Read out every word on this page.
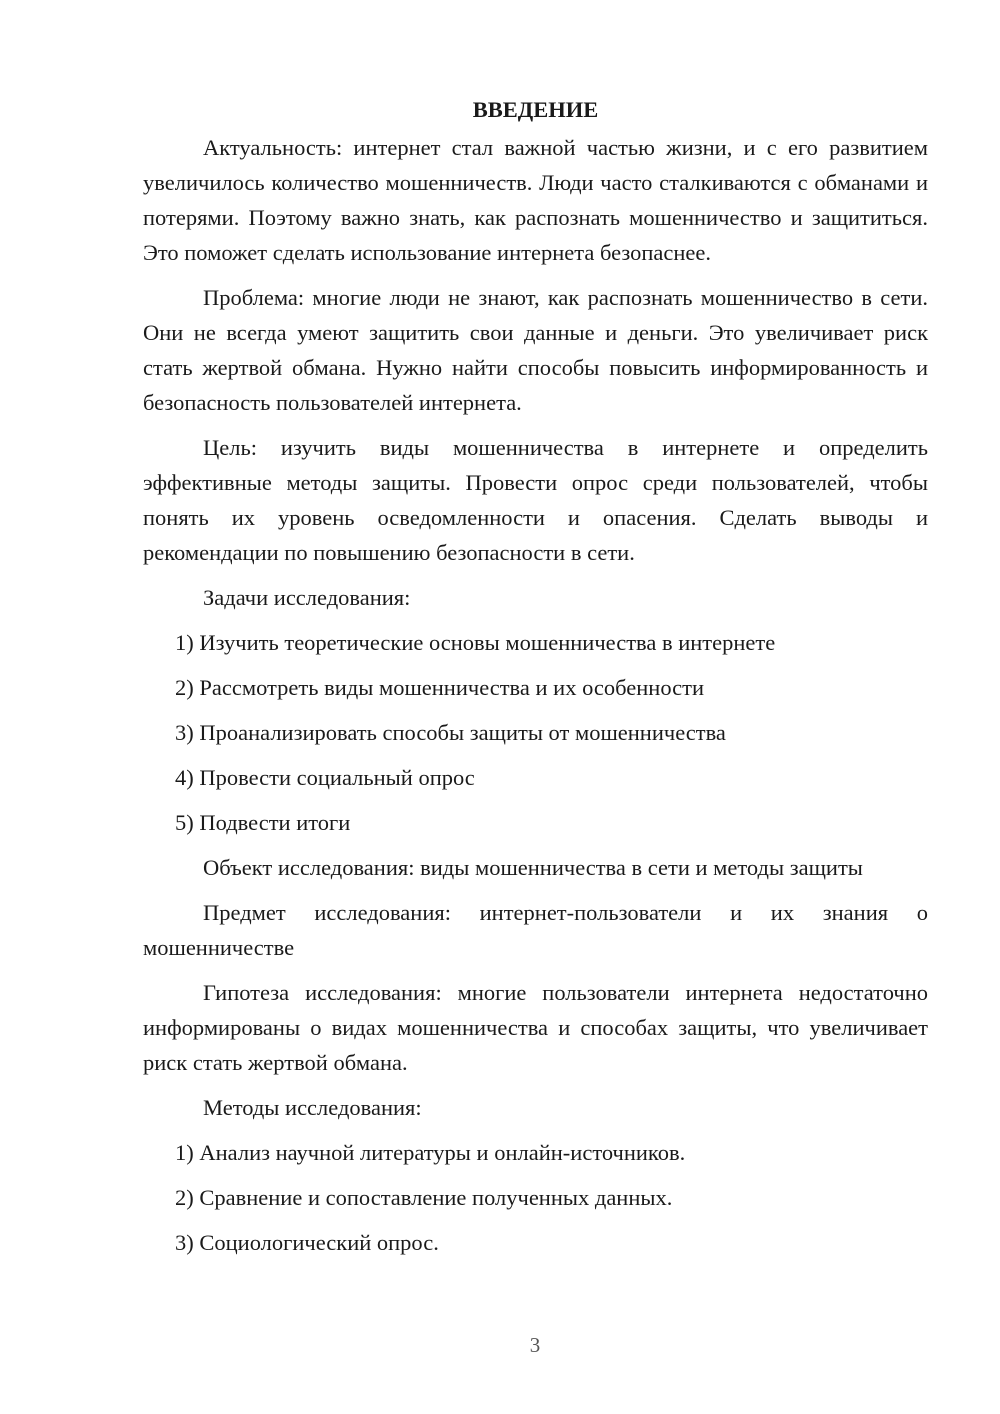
ВВЕДЕНИЕ

Актуальность: интернет стал важной частью жизни, и с его развитием увеличилось количество мошенничеств. Люди часто сталкиваются с обманами и потерями. Поэтому важно знать, как распознать мошенничество и защититься. Это поможет сделать использование интернета безопаснее.

Проблема: многие люди не знают, как распознать мошенничество в сети. Они не всегда умеют защитить свои данные и деньги. Это увеличивает риск стать жертвой обмана. Нужно найти способы повысить информированность и безопасность пользователей интернета.

Цель: изучить виды мошенничества в интернете и определить эффективные методы защиты. Провести опрос среди пользователей, чтобы понять их уровень осведомленности и опасения. Сделать выводы и рекомендации по повышению безопасности в сети.

Задачи исследования:

1) Изучить теоретические основы мошенничества в интернете
2) Рассмотреть виды мошенничества и их особенности
3) Проанализировать способы защиты от мошенничества
4) Провести социальный опрос
5) Подвести итоги

Объект исследования: виды мошенничества в сети и методы защиты

Предмет исследования: интернет-пользователи и их знания о мошенничестве

Гипотеза исследования: многие пользователи интернета недостаточно информированы о видах мошенничества и способах защиты, что увеличивает риск стать жертвой обмана.

Методы исследования:

1) Анализ научной литературы и онлайн-источников.
2) Сравнение и сопоставление полученных данных.
3) Социологический опрос.
3
